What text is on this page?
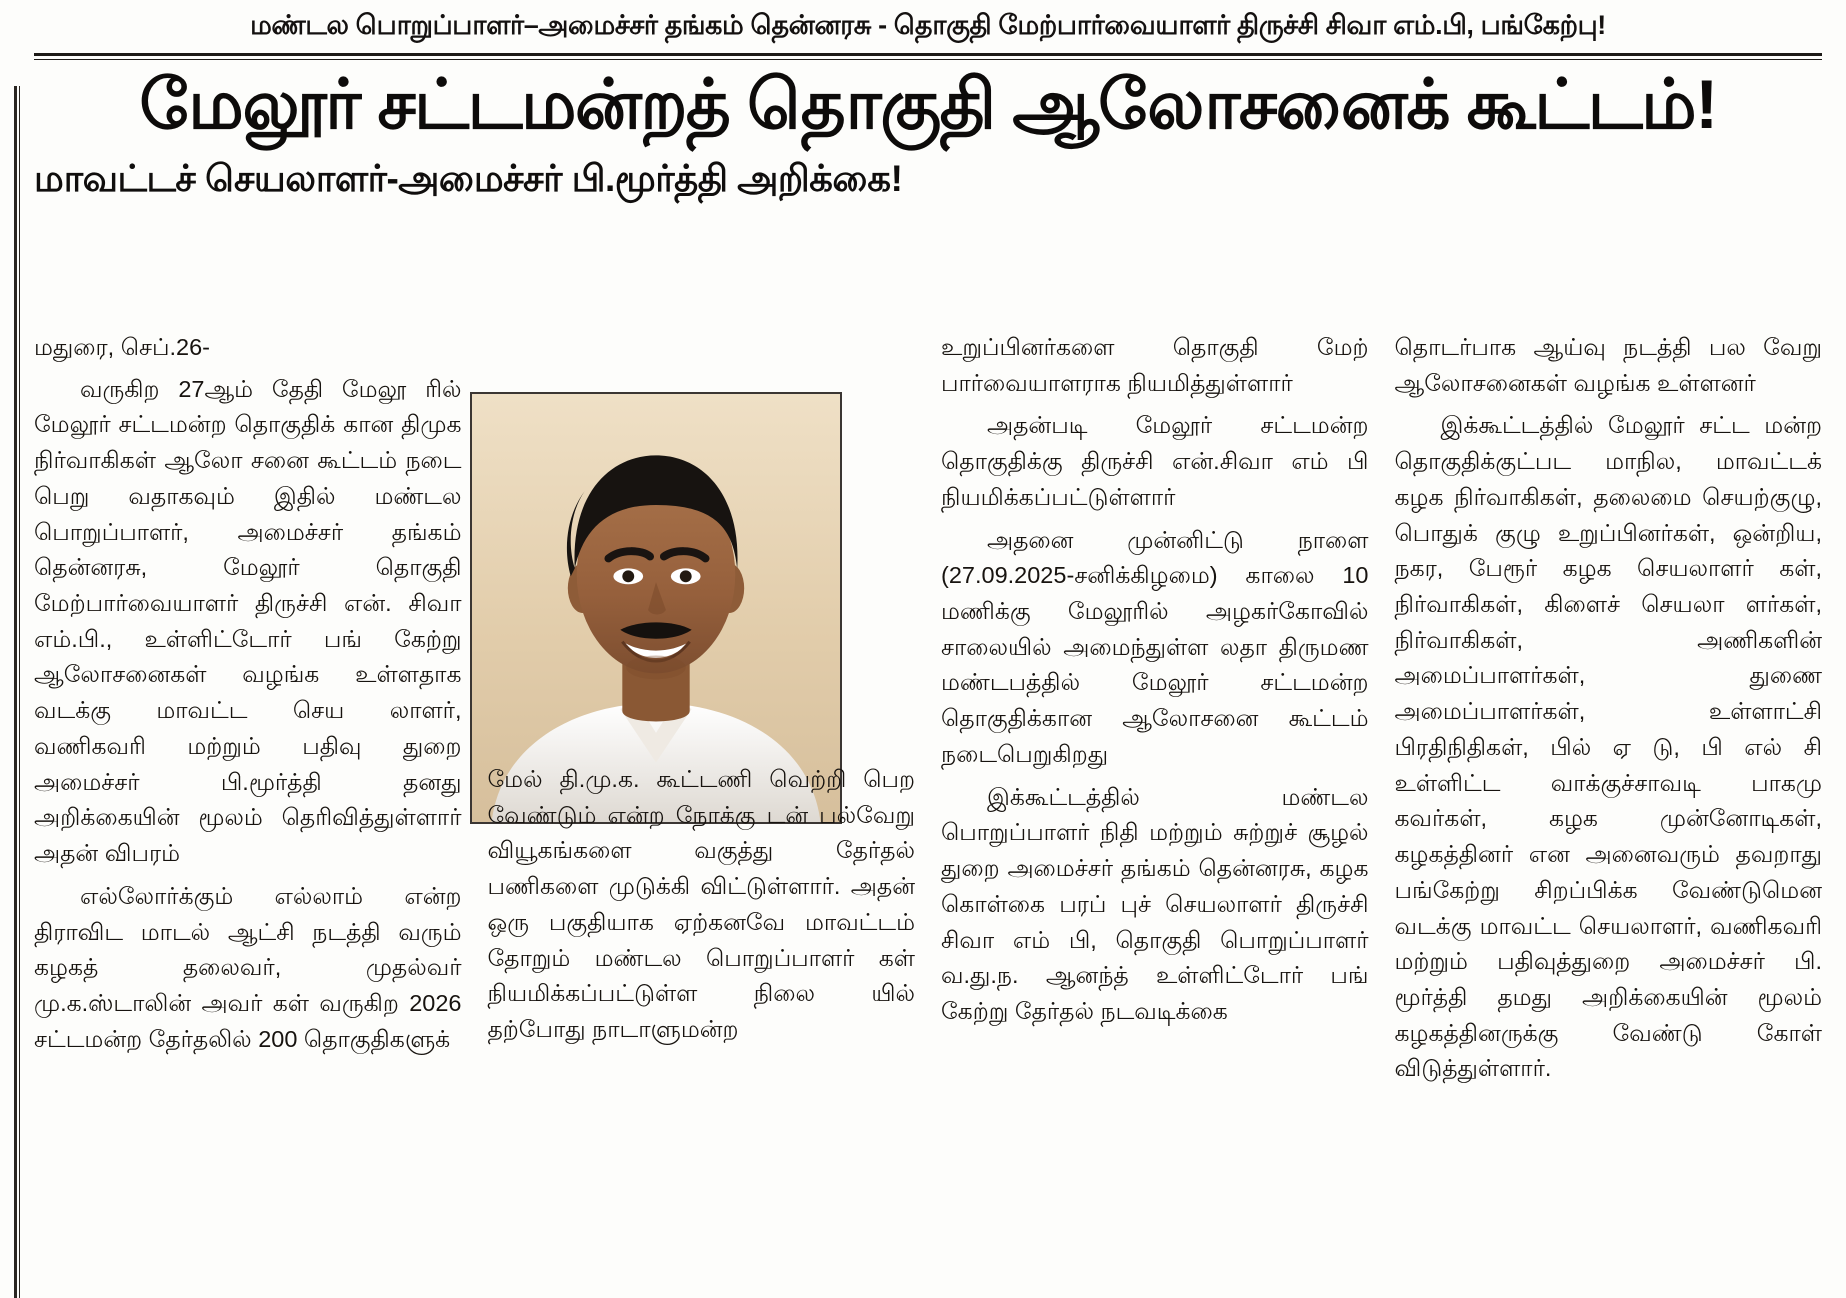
மண்டல பொறுப்பாளர்–அமைச்சர் தங்கம் தென்னரசு - தொகுதி மேற்பார்வையாளர் திருச்சி சிவா எம்.பி, பங்கேற்பு!
மேலூர் சட்டமன்றத் தொகுதி ஆலோசனைக் கூட்டம்!
மாவட்டச் செயலாளர்-அமைச்சர் பி.மூர்த்தி அறிக்கை!

மதுரை, செப்.26-

வருகிற 27ஆம் தேதி மேலூ ரில் மேலூர் சட்டமன்ற தொகுதிக் கான திமுக நிர்வாகிகள் ஆலோ சனை கூட்டம் நடை பெறு வதாகவும் இதில் மண்டல பொறுப்பாளர், அமைச்சர் தங்கம் தென்னரசு, மேலூர் தொகுதி மேற்பார்வையாளர் திருச்சி என். சிவா எம்.பி., உள்ளிட்டோர் பங் கேற்று ஆலோசனைகள் வழங்க உள்ளதாக வடக்கு மாவட்ட செய லாளர், வணிகவரி மற்றும் பதிவு துறை அமைச்சர் பி.மூர்த்தி தனது அறிக்கையின் மூலம் தெரிவித்துள்ளார் அதன் விபரம்

எல்லோர்க்கும் எல்லாம் என்ற திராவிட மாடல் ஆட்சி நடத்தி வரும் கழகத் தலைவர், முதல்வர் மு.க.ஸ்டாலின் அவர் கள் வருகிற 2026 சட்டமன்ற தேர்தலில் 200 தொகுதிகளுக்

மேல் தி.மு.க. கூட்டணி வெற்றி பெற வேண்டும் என்ற நோக்கு டன் பல்வேறு வியூகங்களை வகுத்து தேர்தல் பணிகளை முடுக்கி விட்டுள்ளார். அதன் ஒரு பகுதியாக ஏற்கனவே மாவட்டம் தோறும் மண்டல பொறுப்பாளர் கள் நியமிக்கப்பட்டுள்ள நிலை யில் தற்போது நாடாளுமன்ற

உறுப்பினர்களை தொகுதி மேற் பார்வையாளராக நியமித்துள்ளார்

அதன்படி மேலூர் சட்டமன்ற தொகுதிக்கு திருச்சி என்.சிவா எம் பி நியமிக்கப்பட்டுள்ளார்

அதனை முன்னிட்டு நாளை (27.09.2025-சனிக்கிழமை) காலை 10 மணிக்கு மேலூரில் அழகர்கோவில் சாலையில் அமைந்துள்ள லதா திருமண மண்டபத்தில் மேலூர் சட்டமன்ற தொகுதிக்கான ஆலோசனை கூட்டம் நடைபெறுகிறது

இக்கூட்டத்தில் மண்டல பொறுப்பாளர் நிதி மற்றும் சுற்றுச் சூழல் துறை அமைச்சர் தங்கம் தென்னரசு, கழக கொள்கை பரப் புச் செயலாளர் திருச்சி சிவா எம் பி, தொகுதி பொறுப்பாளர் வ.து.ந. ஆனந்த் உள்ளிட்டோர் பங் கேற்று தேர்தல் நடவடிக்கை

தொடர்பாக ஆய்வு நடத்தி பல வேறு ஆலோசனைகள் வழங்க உள்ளனர்

இக்கூட்டத்தில் மேலூர் சட்ட மன்ற தொகுதிக்குட்பட மாநில, மாவட்டக் கழக நிர்வாகிகள், தலைமை செயற்குழு, பொதுக் குழு உறுப்பினர்கள், ஒன்றிய, நகர, பேரூர் கழக செயலாளர் கள், நிர்வாகிகள், கிளைச் செயலா ளர்கள், நிர்வாகிகள், அணிகளின் அமைப்பாளர்கள், துணை அமைப்பாளர்கள், உள்ளாட்சி பிரதிநிதிகள், பில் ஏ டு, பி எல் சி உள்ளிட்ட வாக்குச்சாவடி பாகமு கவர்கள், கழக முன்னோடிகள், கழகத்தினர் என அனைவரும் தவறாது பங்கேற்று சிறப்பிக்க வேண்டுமென வடக்கு மாவட்ட செயலாளர், வணிகவரி மற்றும் பதிவுத்துறை அமைச்சர் பி. மூர்த்தி தமது அறிக்கையின் மூலம் கழகத்தினருக்கு வேண்டு கோள் விடுத்துள்ளார்.
